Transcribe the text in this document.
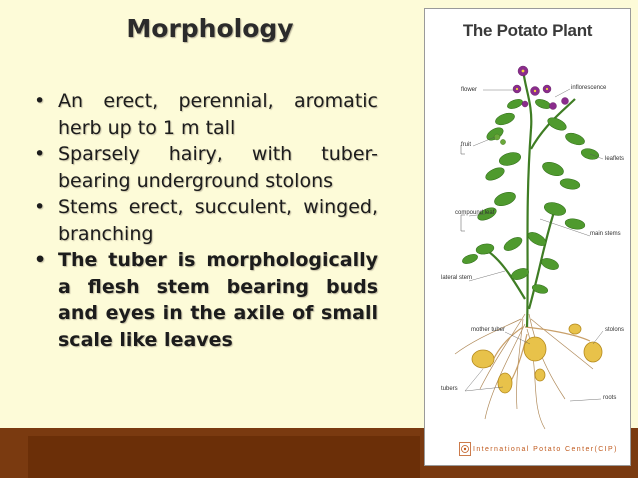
Morphology
• An erect, perennial, aromatic herb up to 1 m tall
• Sparsely hairy, with tuber-bearing underground stolons
• Stems erect, succulent, winged, branching
• The tuber is morphologically a flesh stem bearing buds and eyes in the axile of small scale like leaves
The Potato Plant
flower	inflorescence
fruit
leaflets
compound leaf
main stems
lateral stem
mother tuber	stolons
tubers
roots
International Potato Center(CIP)
